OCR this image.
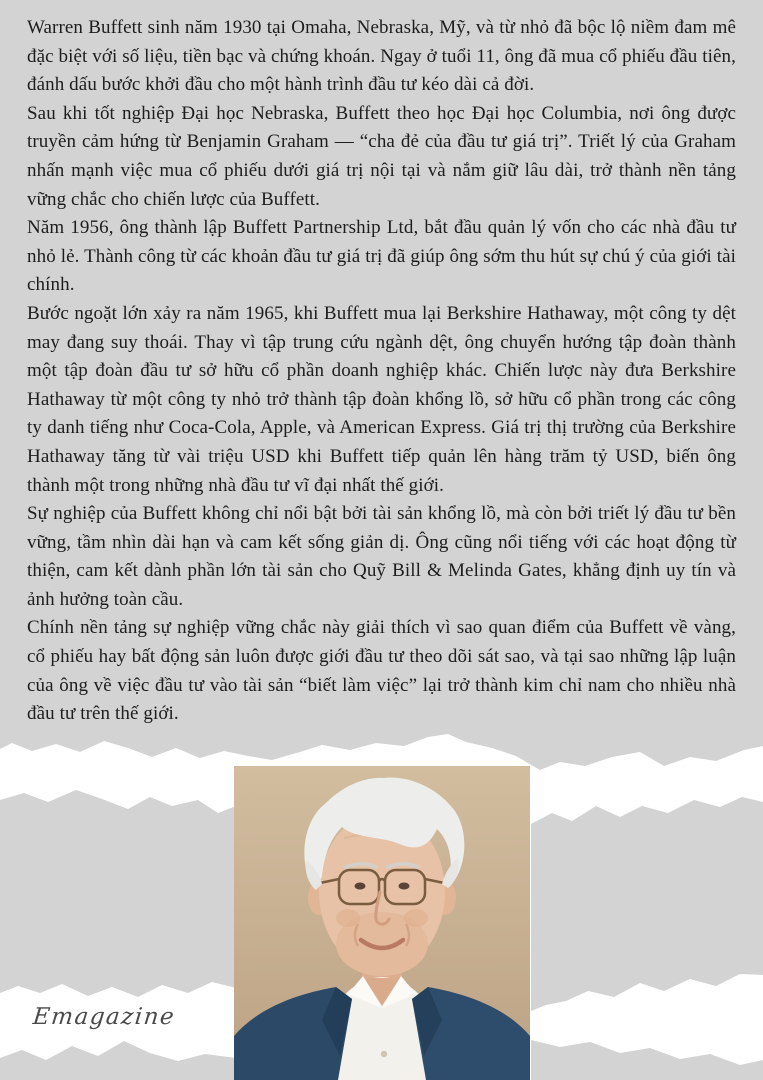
Warren Buffett sinh năm 1930 tại Omaha, Nebraska, Mỹ, và từ nhỏ đã bộc lộ niềm đam mê đặc biệt với số liệu, tiền bạc và chứng khoán. Ngay ở tuổi 11, ông đã mua cổ phiếu đầu tiên, đánh dấu bước khởi đầu cho một hành trình đầu tư kéo dài cả đời.

Sau khi tốt nghiệp Đại học Nebraska, Buffett theo học Đại học Columbia, nơi ông được truyền cảm hứng từ Benjamin Graham — “cha đẻ của đầu tư giá trị”. Triết lý của Graham nhấn mạnh việc mua cổ phiếu dưới giá trị nội tại và nắm giữ lâu dài, trở thành nền tảng vững chắc cho chiến lược của Buffett.

Năm 1956, ông thành lập Buffett Partnership Ltd, bắt đầu quản lý vốn cho các nhà đầu tư nhỏ lẻ. Thành công từ các khoản đầu tư giá trị đã giúp ông sớm thu hút sự chú ý của giới tài chính.

Bước ngoặt lớn xảy ra năm 1965, khi Buffett mua lại Berkshire Hathaway, một công ty dệt may đang suy thoái. Thay vì tập trung cứu ngành dệt, ông chuyển hướng tập đoàn thành một tập đoàn đầu tư sở hữu cổ phần doanh nghiệp khác. Chiến lược này đưa Berkshire Hathaway từ một công ty nhỏ trở thành tập đoàn khổng lồ, sở hữu cổ phần trong các công ty danh tiếng như Coca-Cola, Apple, và American Express. Giá trị thị trường của Berkshire Hathaway tăng từ vài triệu USD khi Buffett tiếp quản lên hàng trăm tỷ USD, biến ông thành một trong những nhà đầu tư vĩ đại nhất thế giới.

Sự nghiệp của Buffett không chỉ nổi bật bởi tài sản khổng lồ, mà còn bởi triết lý đầu tư bền vững, tầm nhìn dài hạn và cam kết sống giản dị. Ông cũng nổi tiếng với các hoạt động từ thiện, cam kết dành phần lớn tài sản cho Quỹ Bill & Melinda Gates, khẳng định uy tín và ảnh hưởng toàn cầu.

Chính nền tảng sự nghiệp vững chắc này giải thích vì sao quan điểm của Buffett về vàng, cổ phiếu hay bất động sản luôn được giới đầu tư theo dõi sát sao, và tại sao những lập luận của ông về việc đầu tư vào tài sản “biết làm việc” lại trở thành kim chỉ nam cho nhiều nhà đầu tư trên thế giới.

Emagazine
